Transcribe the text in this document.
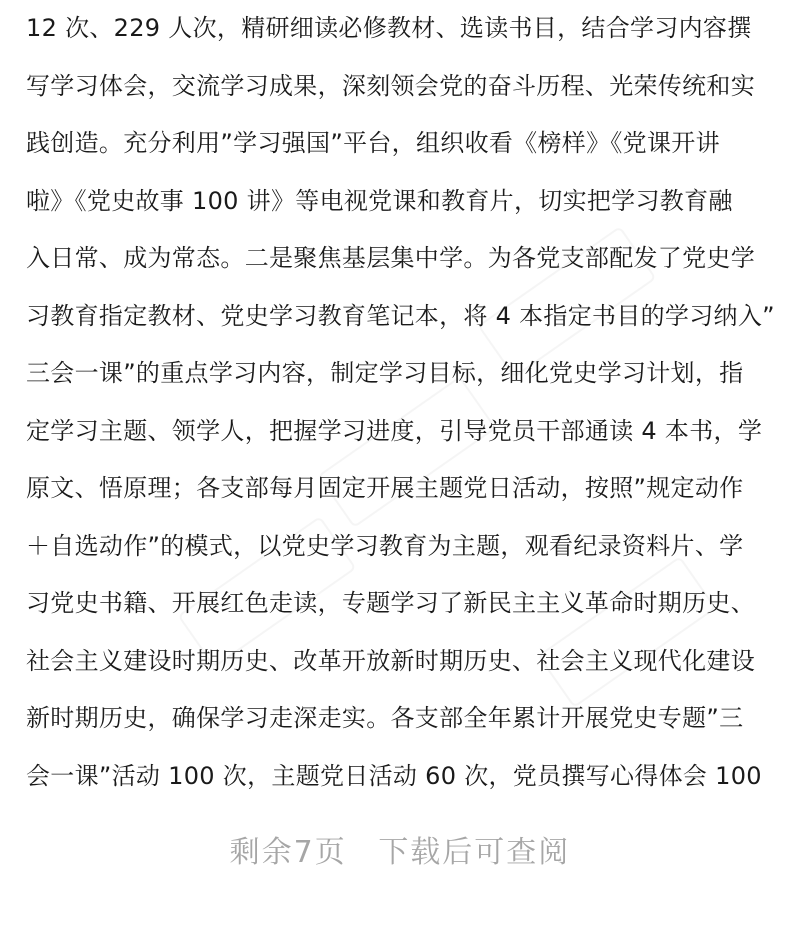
12 次、229 人次，精研细读必修教材、选读书目，结合学习内容撰
写学习体会，交流学习成果，深刻领会党的奋斗历程、光荣传统和实
践创造。充分利用”学习强国”平台，组织收看《榜样》《党课开讲
啦》《党史故事 100 讲》等电视党课和教育片，切实把学习教育融
入日常、成为常态。二是聚焦基层集中学。为各党支部配发了党史学
习教育指定教材、党史学习教育笔记本，将 4 本指定书目的学习纳入”
三会一课”的重点学习内容，制定学习目标，细化党史学习计划，指
定学习主题、领学人，把握学习进度，引导党员干部通读 4 本书，学
原文、悟原理；各支部每月固定开展主题党日活动，按照”规定动作
＋自选动作”的模式，以党史学习教育为主题，观看纪录资料片、学
习党史书籍、开展红色走读，专题学习了新民主主义革命时期历史、
社会主义建设时期历史、改革开放新时期历史、社会主义现代化建设
新时期历史，确保学习走深走实。各支部全年累计开展党史专题”三
会一课”活动 100 次，主题党日活动 60 次，党员撰写心得体会 100
剩余7页 下载后可查阅
